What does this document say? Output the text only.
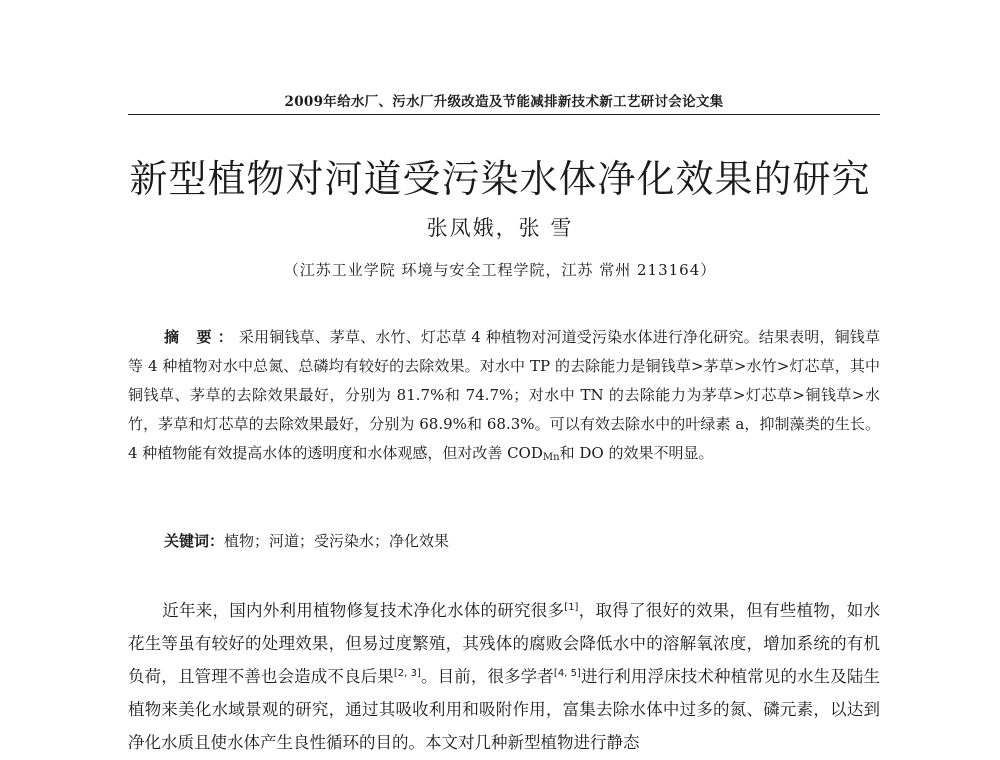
2009年给水厂、污水厂升级改造及节能减排新技术新工艺研讨会论文集
新型植物对河道受污染水体净化效果的研究
张凤娥，张 雪
（江苏工业学院 环境与安全工程学院，江苏 常州 213164）

摘 要：采用铜钱草、茅草、水竹、灯芯草 4 种植物对河道受污染水体进行净化研究。结果表明，铜钱草等 4 种植物对水中总氮、总磷均有较好的去除效果。对水中 TP 的去除能力是铜钱草>茅草>水竹>灯芯草，其中铜钱草、茅草的去除效果最好，分别为 81.7%和 74.7%；对水中 TN 的去除能力为茅草>灯芯草>铜钱草>水竹，茅草和灯芯草的去除效果最好，分别为 68.9%和 68.3%。可以有效去除水中的叶绿素 a，抑制藻类的生长。4 种植物能有效提高水体的透明度和水体观感，但对改善 $COD_{Mn}$和 DO 的效果不明显。

关键词：植物；河道；受污染水；净化效果

近年来，国内外利用植物修复技术净化水体的研究很多[1]，取得了很好的效果，但有些植物，如水花生等虽有较好的处理效果，但易过度繁殖，其残体的腐败会降低水中的溶解氧浓度，增加系统的有机负荷，且管理不善也会造成不良后果[2, 3]。目前，很多学者[4, 5]进行利用浮床技术种植常见的水生及陆生植物来美化水域景观的研究，通过其吸收利用和吸附作用，富集去除水体中过多的氮、磷元素，以达到净化水质且使水体产生良性循环的目的。本文对几种新型植物进行静态
